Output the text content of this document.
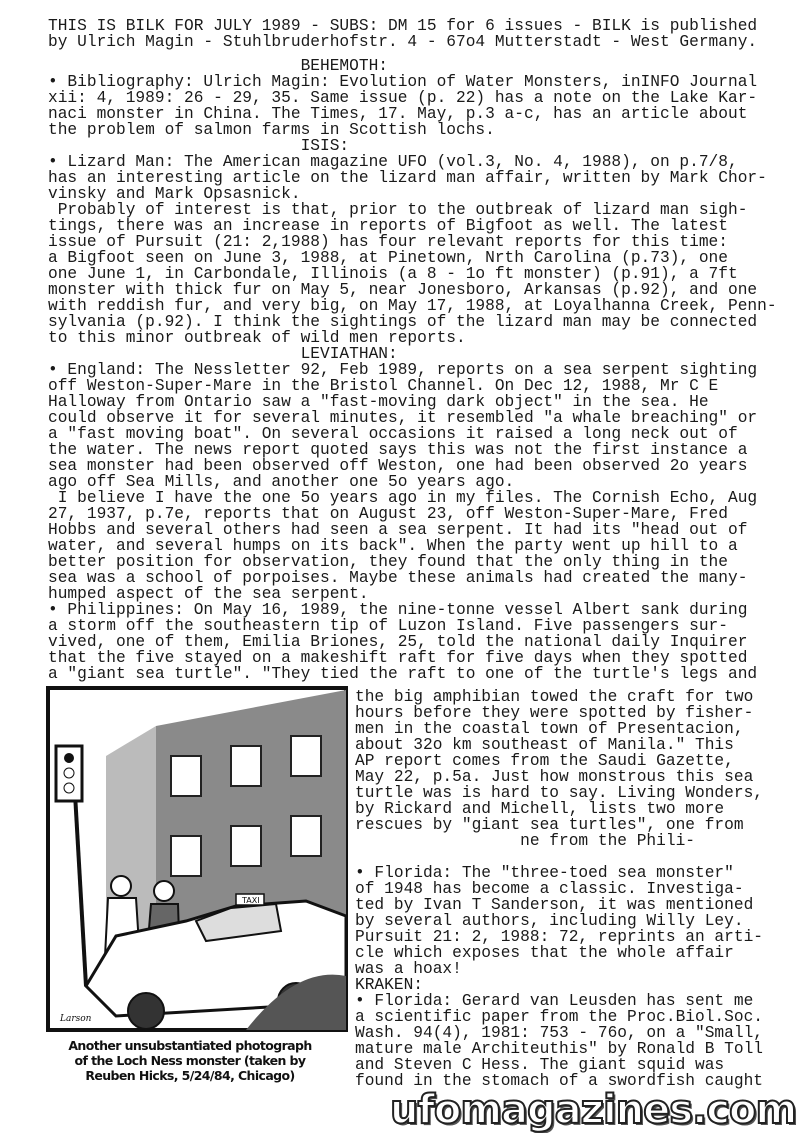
THIS IS BILK FOR JULY 1989 - SUBS: DM 15 for 6 issues - BILK is published
by Ulrich Magin - Stuhlbruderhofstr. 4 - 67o4 Mutterstadt - West Germany.
BEHEMOTH:
• Bibliography: Ulrich Magin: Evolution of Water Monsters, inINFO Journal
xii: 4, 1989: 26 - 29, 35. Same issue (p. 22) has a note on the Lake Kar-
naci monster in China. The Times, 17. May, p.3 a-c, has an article about
the problem of salmon farms in Scottish lochs.
ISIS:
• Lizard Man: The American magazine UFO (vol.3, No. 4, 1988), on p.7/8,
has an interesting article on the lizard man affair, written by Mark Chor-
vinsky and Mark Opsasnick.
Probably of interest is that, prior to the outbreak of lizard man sigh-
tings, there was an increase in reports of Bigfoot as well. The latest
issue of Pursuit (21: 2,1988) has four relevant reports for this time:
a Bigfoot seen on June 3, 1988, at Pinetown, Nrth Carolina (p.73), one
one June 1, in Carbondale, Illinois (a 8 - 1o ft monster) (p.91), a 7ft
monster with thick fur on May 5, near Jonesboro, Arkansas (p.92), and one
with reddish fur, and very big, on May 17, 1988, at Loyalhanna Creek, Penn-
sylvania (p.92). I think the sightings of the lizard man may be connected
to this minor outbreak of wild men reports.
LEVIATHAN:
• England: The Nessletter 92, Feb 1989, reports on a sea serpent sighting
off Weston-Super-Mare in the Bristol Channel. On Dec 12, 1988, Mr C E
Halloway from Ontario saw a "fast-moving dark object" in the sea. He
could observe it for several minutes, it resembled "a whale breaching" or
a "fast moving boat". On several occasions it raised a long neck out of
the water. The news report quoted says this was not the first instance a
sea monster had been observed off Weston, one had been observed 2o years
ago off Sea Mills, and another one 5o years ago.
I believe I have the one 5o years ago in my files. The Cornish Echo, Aug
27, 1937, p.7e, reports that on August 23, off Weston-Super-Mare, Fred
Hobbs and several others had seen a sea serpent. It had its "head out of
water, and several humps on its back". When the party went up hill to a
better position for observation, they found that the only thing in the
sea was a school of porpoises. Maybe these animals had created the many-
humped aspect of the sea serpent.
• Philippines: On May 16, 1989, the nine-tonne vessel Albert sank during
a storm off the southeastern tip of Luzon Island. Five passengers sur-
vived, one of them, Emilia Briones, 25, told the national daily Inquirer
that the five stayed on a makeshift raft for five days when they spotted
a "giant sea turtle". "They tied the raft to one of the turtle's legs and
the big amphibian towed the craft for two
hours before they were spotted by fisher-
men in the coastal town of Presentacion,
about 32o km southeast of Manila." This
AP report comes from the Saudi Gazette,
May 22, p.5a. Just how monstrous this sea
turtle was is hard to say. Living Wonders,
by Rickard and Michell, lists two more
rescues by "giant sea turtles", one from
ne from the Phili-
• Florida: The "three-toed sea monster"
of 1948 has become a classic. Investiga-
ted by Ivan T Sanderson, it was mentioned
by several authors, including Willy Ley.
Pursuit 21: 2, 1988: 72, reprints an arti-
cle which exposes that the whole affair
was a hoax!
KRAKEN:
• Florida: Gerard van Leusden has sent me
a scientific paper from the Proc.Biol.Soc.
Wash. 94(4), 1981: 753 - 76o, on a "Small,
mature male Architeuthis" by Ronald B Toll
and Steven C Hess. The giant squid was
found in the stomach of a swordfish caught
TAXI
Larson
Another unsubstantiated photograph
of the Loch Ness monster (taken by
Reuben Hicks, 5/24/84, Chicago)
ufomagazines.com
